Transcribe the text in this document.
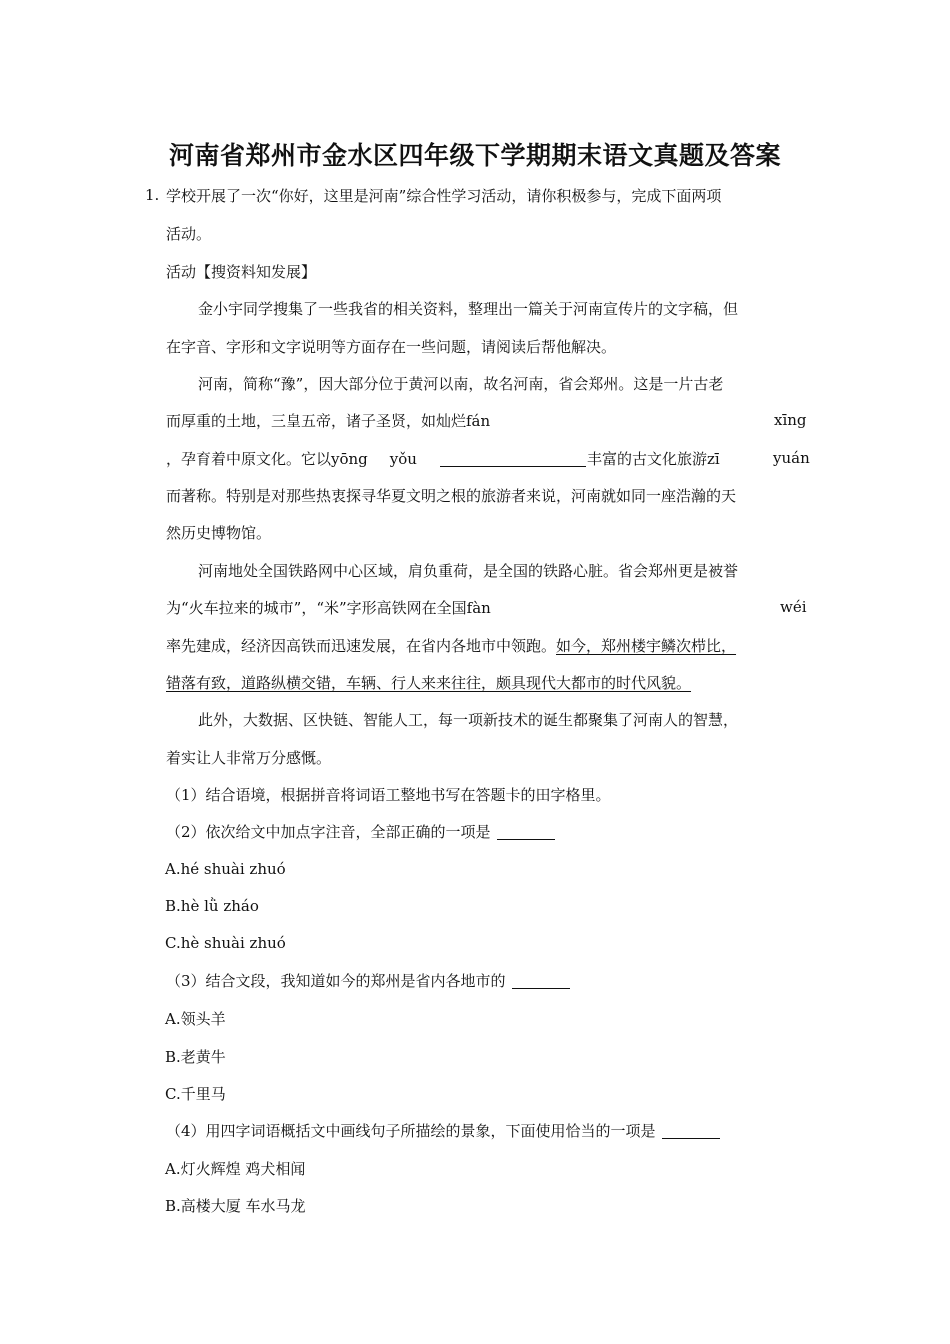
河南省郑州市金水区四年级下学期期末语文真题及答案
1. 学校开展了一次“你好，这里是河南”综合性学习活动，请你积极参与，完成下面两项
活动。
活动【搜资料知发展】
金小宇同学搜集了一些我省的相关资料，整理出一篇关于河南宣传片的文字稿，但
在字音、字形和文字说明等方面存在一些问题，请阅读后帮他解决。
河南，简称“豫”，因大部分位于黄河以南，故名河南，省会郑州。这是一片古老
而厚重的土地，三皇五帝，诸子圣贤，如灿烂fán	xīng
，孕育着中原文化。它以yōng yǒu	丰富的古文化旅游zī	yuán
而著称。特别是对那些热衷探寻华夏文明之根的旅游者来说，河南就如同一座浩瀚的天
然历史博物馆。
河南地处全国铁路网中心区域，肩负重荷，是全国的铁路心脏。省会郑州更是被誉
为“火车拉来的城市”，“米”字形高铁网在全国fàn	wéi
率先建成，经济因高铁而迅速发展，在省内各地市中领跑。如今，郑州楼宇鳞次栉比，
错落有致，道路纵横交错，车辆、行人来来往往，颇具现代大都市的时代风貌。
此外，大数据、区快链、智能人工，每一项新技术的诞生都聚集了河南人的智慧，
着实让人非常万分感慨。
（1）结合语境，根据拼音将词语工整地书写在答题卡的田字格里。
（2）依次给文中加点字注音，全部正确的一项是
A.hé shuài zhuó
B.hè lǜ zháo
C.hè shuài zhuó
（3）结合文段，我知道如今的郑州是省内各地市的
A.领头羊
B.老黄牛
C.千里马
（4）用四字词语概括文中画线句子所描绘的景象，下面使用恰当的一项是
A.灯火辉煌 鸡犬相闻
B.高楼大厦 车水马龙
